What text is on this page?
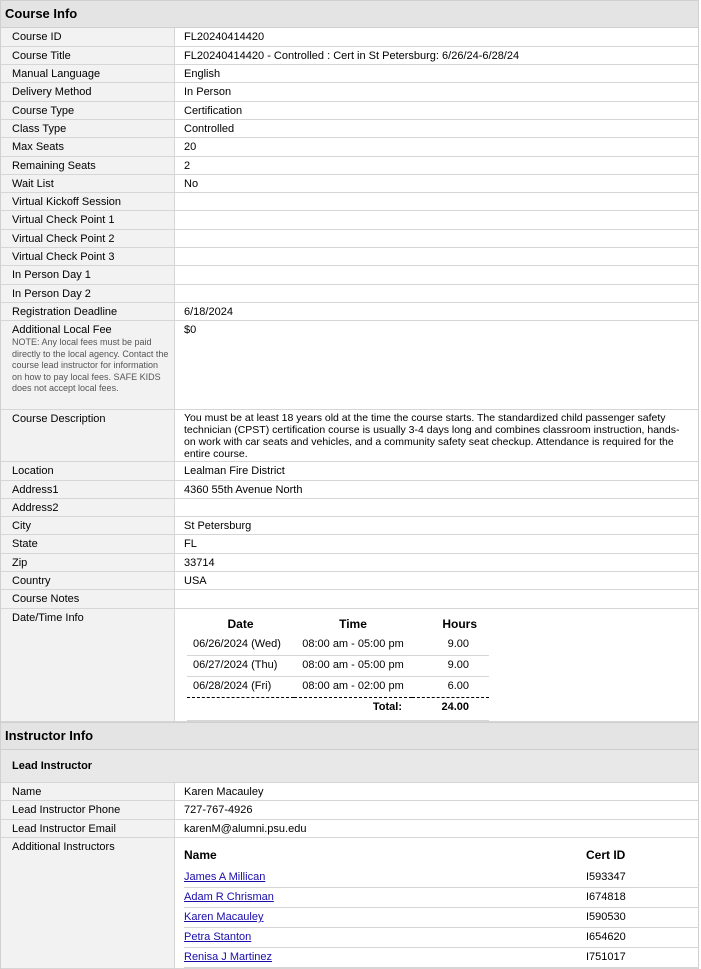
Course Info
Course ID	FL20240414420
Course Title	FL20240414420 - Controlled : Cert in St Petersburg: 6/26/24-6/28/24
Manual Language	English
Delivery Method	In Person
Course Type	Certification
Class Type	Controlled
Max Seats	20
Remaining Seats	2
Wait List	No
Virtual Kickoff Session	
Virtual Check Point 1	
Virtual Check Point 2	
Virtual Check Point 3	
In Person Day 1	
In Person Day 2	
Registration Deadline	6/18/2024

Additional Local Fee
NOTE: Any local fees must be paid directly to the local agency. Contact the course lead instructor for information on how to pay local fees. SAFE KIDS does not accept local fees.
	$0
Course Description	You must be at least 18 years old at the time the course starts. The standardized child passenger safety technician (CPST) certification course is usually 3-4 days long and combines classroom instruction, hands-on work with car seats and vehicles, and a community safety seat checkup. Attendance is required for the entire course.
Location	Lealman Fire District
Address1	4360 55th Avenue North
Address2	
City	St Petersburg
State	FL
Zip	33714
Country	USA
Course Notes	
Date/Time Info		Date	Time	Hours
06/26/2024 (Wed)	08:00 am - 05:00 pm	9.00
06/27/2024 (Thu)	08:00 am - 05:00 pm	9.00
06/28/2024 (Fri)	08:00 am - 02:00 pm	6.00
	Total:	24.00
Instructor Info
Lead Instructor
Name	Karen Macauley
Lead Instructor Phone	727-767-4926
Lead Instructor Email	karenM@alumni.psu.edu
Additional Instructors	
Name	Cert ID
James A Millican	I593347
Adam R Chrisman	I674818
Karen Macauley	I590530
Petra Stanton	I654620
Renisa J Martinez	I751017
